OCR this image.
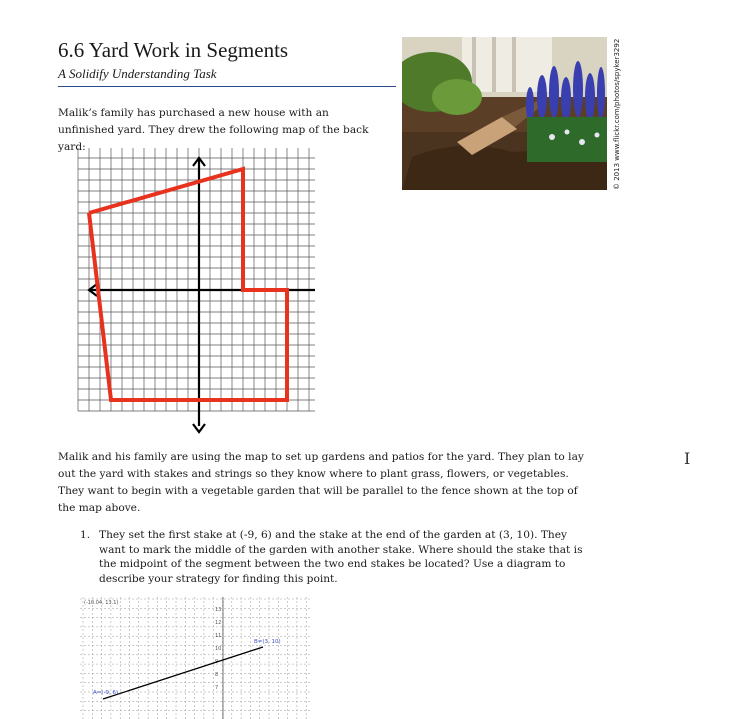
6.6 Yard Work in Segments
A Solidify Understanding Task	© 2013 www.flickr.com/photos/spyker3292

Malik’s family has purchased a new house with an unfinished yard. They drew the following map of the back yard:

Malik and his family are using the map to set up gardens and patios for the yard. They plan to lay out the yard with stakes and strings so they know where to plant grass, flowers, or vegetables. They want to begin with a vegetable garden that will be parallel to the fence shown at the top of the map above.

1. They set the first stake at (-9, 6) and the stake at the end of the garden at (3, 10). They want to mark the middle of the garden with another stake. Where should the stake that is the midpoint of the segment between the two end stakes be located? Use a diagram to describe your strategy for finding this point.

13
12
11
10
8
7
(-10.04, 13.1)
A=(-9, 6)
B=(3, 10)
I
